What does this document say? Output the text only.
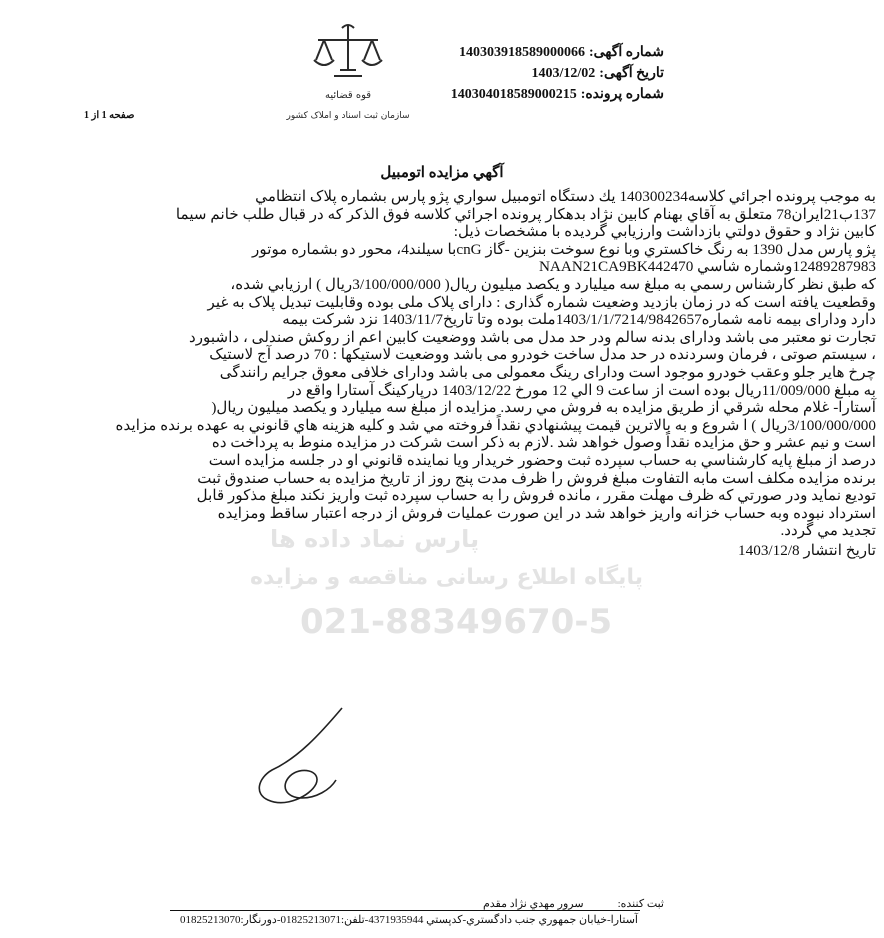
شماره آگهی:140303918589000066
تاریخ آگهی:1403/12/02
شماره پرونده:140304018589000215
قوه قضائیه
سازمان ثبت اسناد و املاک کشور
صفحه 1 از 1
آگهي مزايده اتومبيل
به موجب پرونده اجرائي كلاسه140300234 يك دستگاه اتومبيل سواري پژو پارس بشماره پلاک انتظامي
137ب21ايران78 متعلق به آقاي بهنام كابين نژاد بدهكار پرونده اجرائي كلاسه فوق الذكر كه در قبال طلب خانم سيما
كابين نژاد و حقوق دولتي بازداشت وارزيابي گرديده با مشخصات ذيل:
پژو پارس مدل 1390 به رنگ خاكستري وبا نوع سوخت بنزين -گاز cnGبا سيلند4، محور دو بشماره موتور
12489287983وشماره شاسي NAAN21CA9BK442470
كه طبق نظر كارشناس رسمي به مبلغ سه ميليارد و يكصد ميليون ريال( 3/100/000/000ريال ) ارزيابي شده،
وقطعيت يافته است كه در زمان بازديد وضعيت شماره گذاری : دارای پلاک ملی بوده وقابليت تبديل پلاک به غير
دارد ودارای بيمه نامه شماره1403/1/1/7214/9842657ملت بوده وتا تاريخ1403/11/7 نزد شركت بيمه
تجارت نو معتبر می باشد ودارای بدنه سالم ودر حد مدل می باشد ووضعيت كابين اعم از روكش صندلی ، داشبورد
، سيستم صوتی ، فرمان وسردنده در حد مدل ساخت خودرو می باشد ووضعيت لاستيكها : 70 درصد آج لاستيک
چرخ هاير جلو وعقب خودرو موجود است ودارای رينگ معمولی می باشد ودارای خلافی معوق جرايم رانندگی
به مبلغ 11/009/000ريال بوده است از ساعت 9 الي 12 مورخ 1403/12/22 درپاركينگ آستارا واقع در
آستارا- غلام محله شرقي از طريق مزايده به فروش مي رسد. مزايده از مبلغ سه ميليارد و يكصد ميليون ريال(
3/100/000/000ريال ) ا شروع و به بالاترين قيمت پيشنهادي نقداً فروخته مي شد و كليه هزينه هاي قانوني به عهده برنده مزايده
است و نيم عشر و حق مزايده نقداً وصول خواهد شد .لازم به ذكر است شركت در مزايده منوط به پرداخت ده
درصد از مبلغ پايه كارشناسي به حساب سپرده ثبت وحضور خريدار ويا نماينده قانوني او در جلسه مزايده است
برنده مزايده مكلف است مابه التفاوت مبلغ فروش را ظرف مدت پنج روز از تاريخ مزايده به حساب صندوق ثبت
توديع نمايد ودر صورتي كه ظرف مهلت مقرر ، مانده فروش را به حساب سپرده ثبت واريز نكند مبلغ مذكور قابل
استرداد نبوده وبه حساب خزانه واريز خواهد شد در اين صورت عمليات فروش از درجه اعتبار ساقط ومزايده
تجديد مي گردد.
تاريخ انتشار 1403/12/8
پارس نماد داده ها
پایگاه اطلاع رسانی مناقصه و مزایده
021-88349670-5
ثبت كننده:سرور مهدي نژاد مقدم
آستارا-خيابان جمهوري جنب دادگستري-كدپستي 4371935944-تلفن:01825213071-دورنگار:01825213070
